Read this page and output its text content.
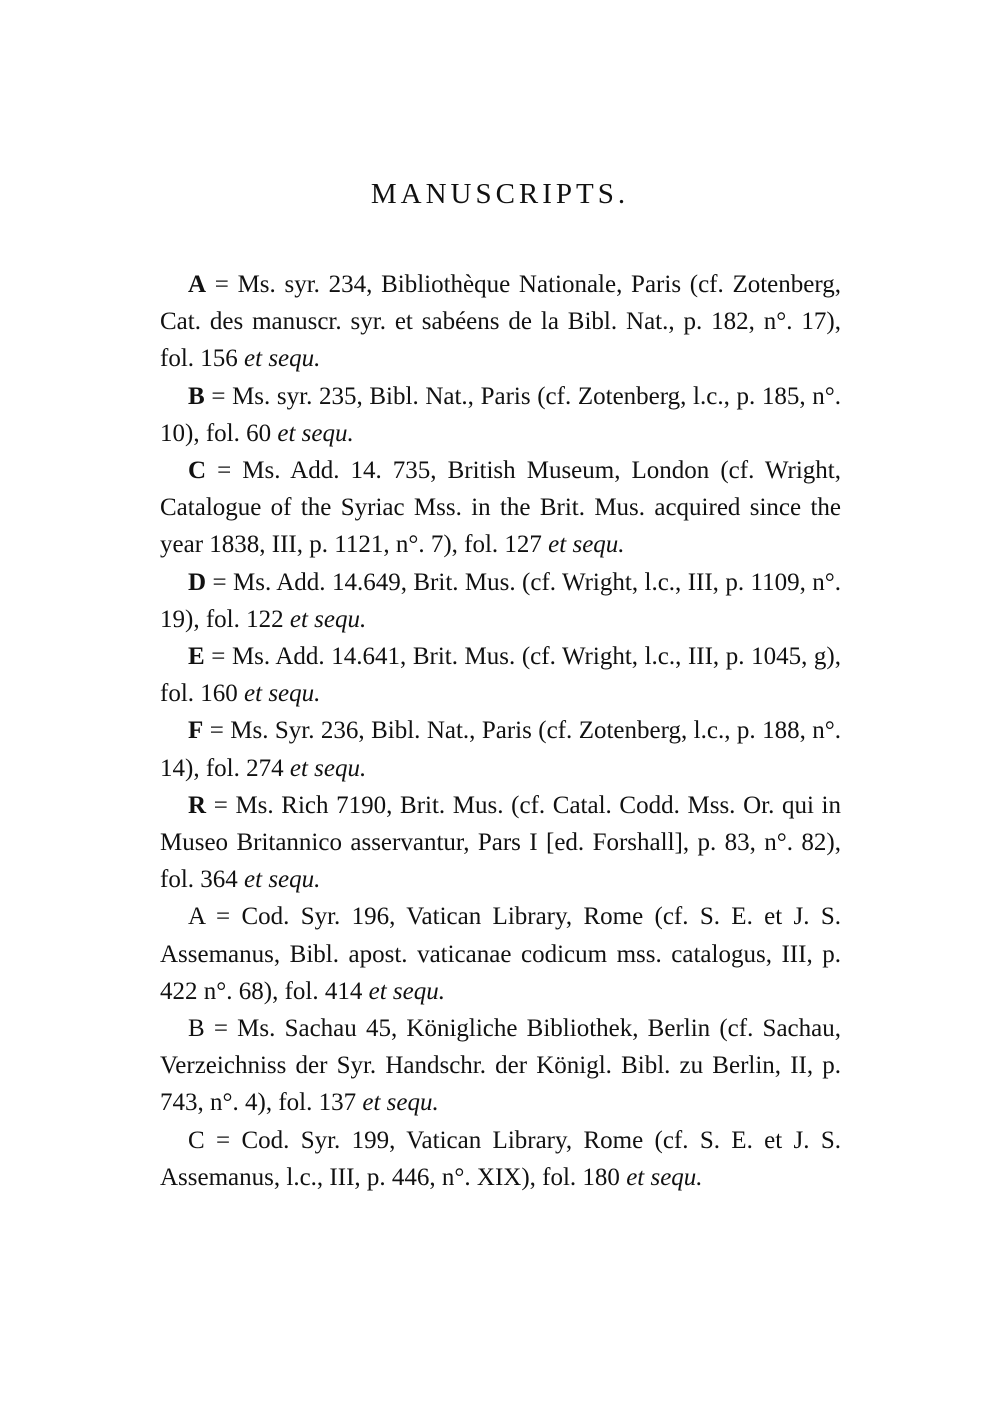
MANUSCRIPTS.

A = Ms. syr. 234, Bibliothèque Nationale, Paris (cf. Zotenberg, Cat. des manuscr. syr. et sabéens de la Bibl. Nat., p. 182, n°. 17), fol. 156 et sequ.

B = Ms. syr. 235, Bibl. Nat., Paris (cf. Zotenberg, l.c., p. 185, n°. 10), fol. 60 et sequ.

C = Ms. Add. 14. 735, British Museum, London (cf. Wright, Catalogue of the Syriac Mss. in the Brit. Mus. acquired since the year 1838, III, p. 1121, n°. 7), fol. 127 et sequ.

D = Ms. Add. 14.649, Brit. Mus. (cf. Wright, l.c., III, p. 1109, n°. 19), fol. 122 et sequ.

E = Ms. Add. 14.641, Brit. Mus. (cf. Wright, l.c., III, p. 1045, g), fol. 160 et sequ.

F = Ms. Syr. 236, Bibl. Nat., Paris (cf. Zotenberg, l.c., p. 188, n°. 14), fol. 274 et sequ.

R = Ms. Rich 7190, Brit. Mus. (cf. Catal. Codd. Mss. Or. qui in Museo Britannico asservantur, Pars I [ed. Forshall], p. 83, n°. 82), fol. 364 et sequ.

A = Cod. Syr. 196, Vatican Library, Rome (cf. S. E. et J. S. Assemanus, Bibl. apost. vaticanae codicum mss. catalogus, III, p. 422 n°. 68), fol. 414 et sequ.

B = Ms. Sachau 45, Königliche Bibliothek, Berlin (cf. Sachau, Verzeichniss der Syr. Handschr. der Königl. Bibl. zu Berlin, II, p. 743, n°. 4), fol. 137 et sequ.

C = Cod. Syr. 199, Vatican Library, Rome (cf. S. E. et J. S. Assemanus, l.c., III, p. 446, n°. XIX), fol. 180 et sequ.
